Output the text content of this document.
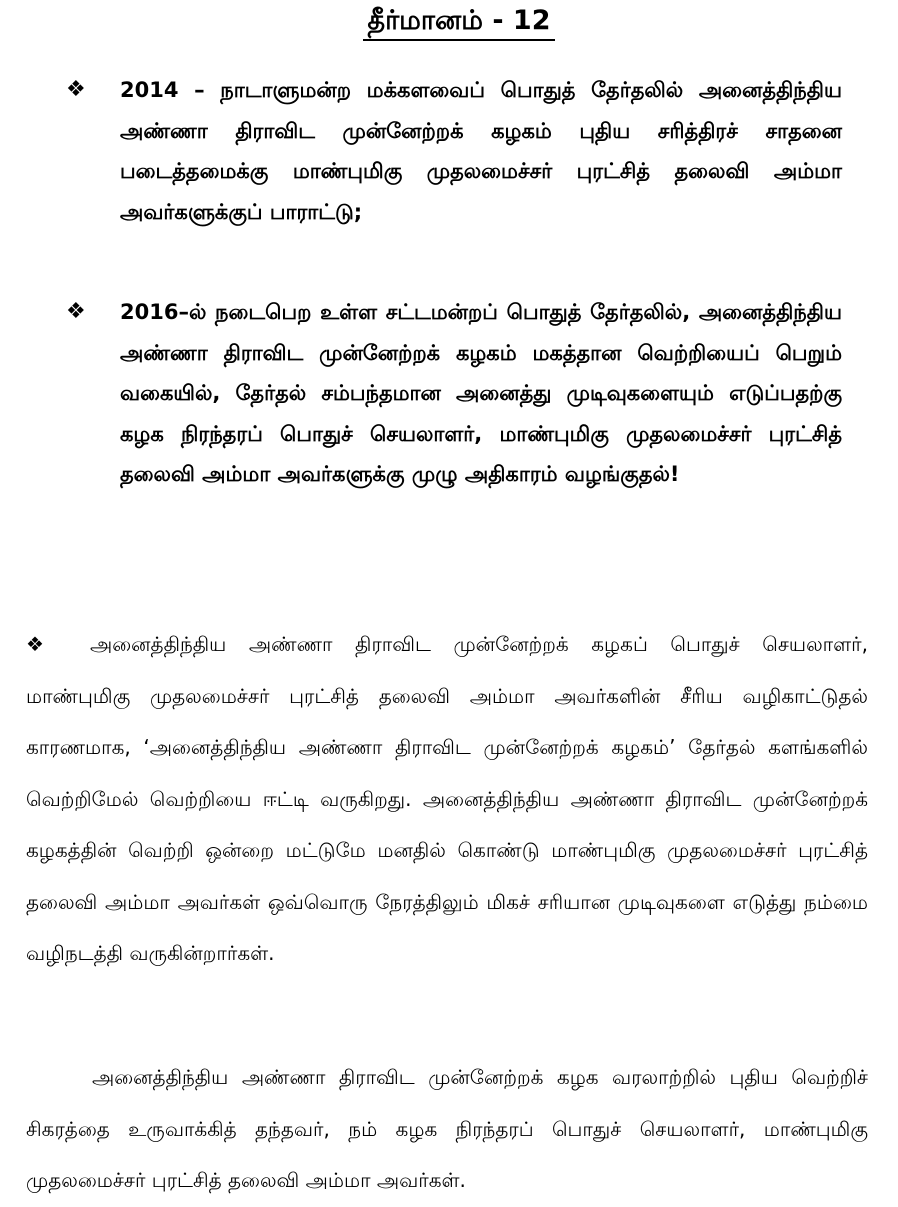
தீர்மானம் - 12
❖ 2014 – நாடாளுமன்ற மக்களவைப் பொதுத் தேர்தலில் அனைத்திந்திய அண்ணா திராவிட முன்னேற்றக் கழகம் புதிய சரித்திரச் சாதனை படைத்தமைக்கு மாண்புமிகு முதலமைச்சர் புரட்சித் தலைவி அம்மா அவர்களுக்குப் பாராட்டு;
❖ 2016–ல் நடைபெற உள்ள சட்டமன்றப் பொதுத் தேர்தலில், அனைத்திந்திய அண்ணா திராவிட முன்னேற்றக் கழகம் மகத்தான வெற்றியைப் பெறும் வகையில், தேர்தல் சம்பந்தமான அனைத்து முடிவுகளையும் எடுப்பதற்கு கழக நிரந்தரப் பொதுச் செயலாளர், மாண்புமிகு முதலமைச்சர் புரட்சித் தலைவி அம்மா அவர்களுக்கு முழு அதிகாரம் வழங்குதல்!
❖ அனைத்திந்திய அண்ணா திராவிட முன்னேற்றக் கழகப் பொதுச் செயலாளர், மாண்புமிகு முதலமைச்சர் புரட்சித் தலைவி அம்மா அவர்களின் சீரிய வழிகாட்டுதல் காரணமாக, ‘அனைத்திந்திய அண்ணா திராவிட முன்னேற்றக் கழகம்’ தேர்தல் களங்களில் வெற்றிமேல் வெற்றியை ஈட்டி வருகிறது. அனைத்திந்திய அண்ணா திராவிட முன்னேற்றக் கழகத்தின் வெற்றி ஒன்றை மட்டுமே மனதில் கொண்டு மாண்புமிகு முதலமைச்சர் புரட்சித் தலைவி அம்மா அவர்கள் ஒவ்வொரு நேரத்திலும் மிகச் சரியான முடிவுகளை எடுத்து நம்மை வழிநடத்தி வருகின்றார்கள்.
அனைத்திந்திய அண்ணா திராவிட முன்னேற்றக் கழக வரலாற்றில் புதிய வெற்றிச் சிகரத்தை உருவாக்கித் தந்தவர், நம் கழக நிரந்தரப் பொதுச் செயலாளர், மாண்புமிகு முதலமைச்சர் புரட்சித் தலைவி அம்மா அவர்கள்.
